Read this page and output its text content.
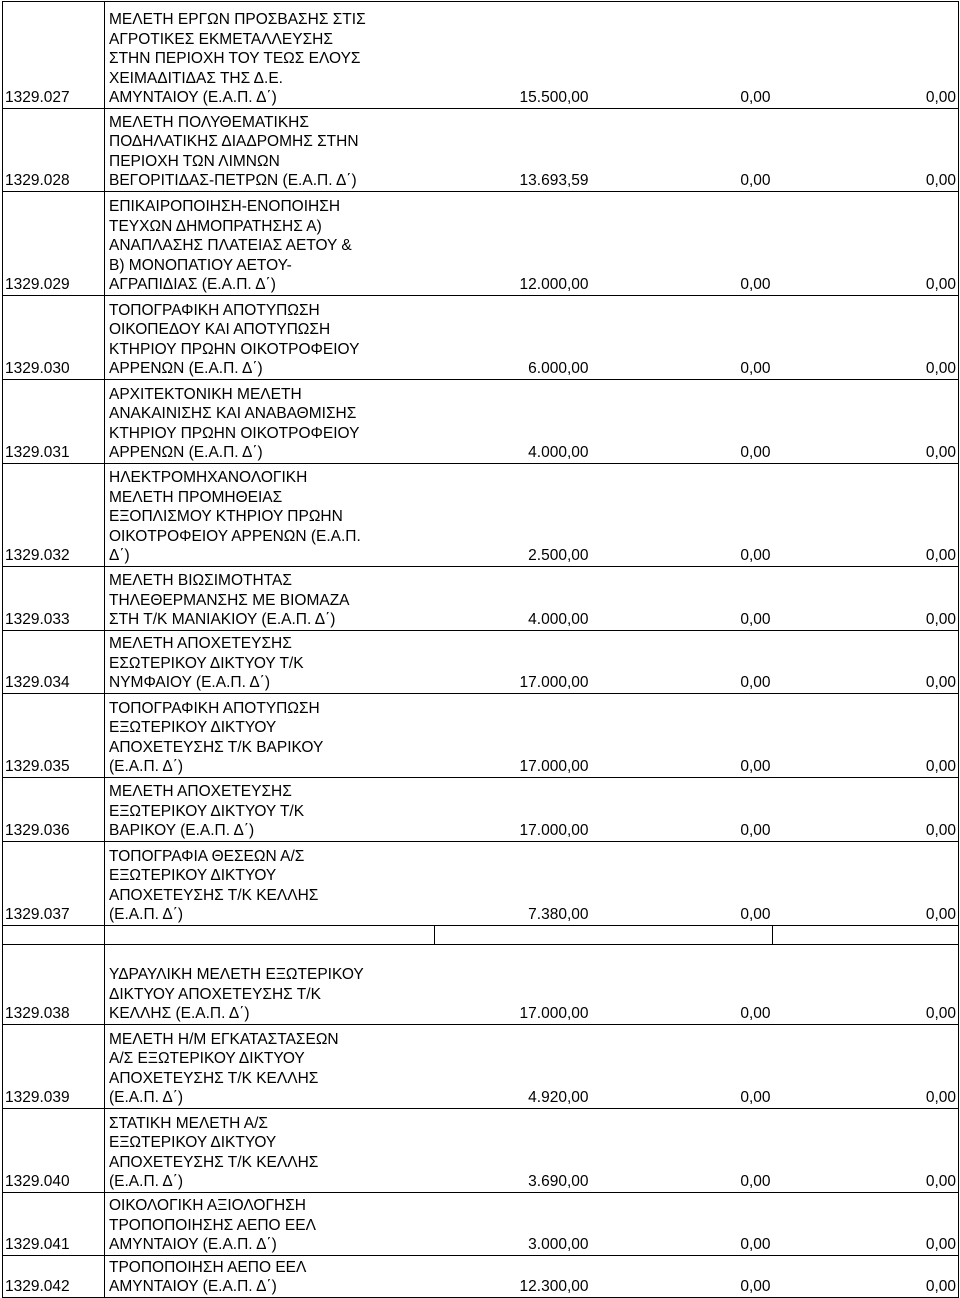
1329.027	ΜΕΛΕΤΗ ΕΡΓΩΝ ΠΡΟΣΒΑΣΗΣ ΣΤΙΣ
ΑΓΡΟΤΙΚΕΣ ΕΚΜΕΤΑΛΛΕΥΣΗΣ
ΣΤΗΝ ΠΕΡΙΟΧΗ ΤΟΥ ΤΕΩΣ ΕΛΟΥΣ
ΧΕΙΜΑΔΙΤΙΔΑΣ ΤΗΣ Δ.Ε.
ΑΜΥΝΤΑΙΟΥ (Ε.Α.Π. Δ΄)	15.500,00	0,00	0,00
1329.028	ΜΕΛΕΤΗ ΠΟΛΥΘΕΜΑΤΙΚΗΣ
ΠΟΔΗΛΑΤΙΚΗΣ ΔΙΑΔΡΟΜΗΣ ΣΤΗΝ
ΠΕΡΙΟΧΗ ΤΩΝ ΛΙΜΝΩΝ
ΒΕΓΟΡΙΤΙΔΑΣ-ΠΕΤΡΩΝ (Ε.Α.Π. Δ΄)	13.693,59	0,00	0,00
1329.029	ΕΠΙΚΑΙΡΟΠΟΙΗΣΗ-ΕΝΟΠΟΙΗΣΗ
ΤΕΥΧΩΝ ΔΗΜΟΠΡΑΤΗΣΗΣ Α)
ΑΝΑΠΛΑΣΗΣ ΠΛΑΤΕΙΑΣ ΑΕΤΟΥ &
Β) ΜΟΝΟΠΑΤΙΟΥ ΑΕΤΟΥ-
ΑΓΡΑΠΙΔΙΑΣ (Ε.Α.Π. Δ΄)	12.000,00	0,00	0,00
1329.030	ΤΟΠΟΓΡΑΦΙΚΗ ΑΠΟΤΥΠΩΣΗ
ΟΙΚΟΠΕΔΟΥ ΚΑΙ ΑΠΟΤΥΠΩΣΗ
ΚΤΗΡΙΟΥ ΠΡΩΗΝ ΟΙΚΟΤΡΟΦΕΙΟΥ
ΑΡΡΕΝΩΝ (Ε.Α.Π. Δ΄)	6.000,00	0,00	0,00
1329.031	ΑΡΧΙΤΕΚΤΟΝΙΚΗ ΜΕΛΕΤΗ
ΑΝΑΚΑΙΝΙΣΗΣ ΚΑΙ ΑΝΑΒΑΘΜΙΣΗΣ
ΚΤΗΡΙΟΥ ΠΡΩΗΝ ΟΙΚΟΤΡΟΦΕΙΟΥ
ΑΡΡΕΝΩΝ (Ε.Α.Π. Δ΄)	4.000,00	0,00	0,00
1329.032	ΗΛΕΚΤΡΟΜΗΧΑΝΟΛΟΓΙΚΗ
ΜΕΛΕΤΗ ΠΡΟΜΗΘΕΙΑΣ
ΕΞΟΠΛΙΣΜΟΥ ΚΤΗΡΙΟΥ ΠΡΩΗΝ
ΟΙΚΟΤΡΟΦΕΙΟΥ ΑΡΡΕΝΩΝ (Ε.Α.Π.
Δ΄)	2.500,00	0,00	0,00
1329.033	ΜΕΛΕΤΗ ΒΙΩΣΙΜΟΤΗΤΑΣ
ΤΗΛΕΘΕΡΜΑΝΣΗΣ ΜΕ ΒΙΟΜΑΖΑ
ΣΤΗ Τ/Κ ΜΑΝΙΑΚΙΟΥ (Ε.Α.Π. Δ΄)	4.000,00	0,00	0,00
1329.034	ΜΕΛΕΤΗ ΑΠΟΧΕΤΕΥΣΗΣ
ΕΣΩΤΕΡΙΚΟΥ ΔΙΚΤΥΟΥ Τ/Κ
ΝΥΜΦΑΙΟΥ (Ε.Α.Π. Δ΄)	17.000,00	0,00	0,00
1329.035	ΤΟΠΟΓΡΑΦΙΚΗ ΑΠΟΤΥΠΩΣΗ
ΕΞΩΤΕΡΙΚΟΥ ΔΙΚΤΥΟΥ
ΑΠΟΧΕΤΕΥΣΗΣ Τ/Κ ΒΑΡΙΚΟΥ
(Ε.Α.Π. Δ΄)	17.000,00	0,00	0,00
1329.036	ΜΕΛΕΤΗ ΑΠΟΧΕΤΕΥΣΗΣ
ΕΞΩΤΕΡΙΚΟΥ ΔΙΚΤΥΟΥ Τ/Κ
ΒΑΡΙΚΟΥ (Ε.Α.Π. Δ΄)	17.000,00	0,00	0,00
1329.037	ΤΟΠΟΓΡΑΦΙΑ ΘΕΣΕΩΝ Α/Σ
ΕΞΩΤΕΡΙΚΟΥ ΔΙΚΤΥΟΥ
ΑΠΟΧΕΤΕΥΣΗΣ Τ/Κ ΚΕΛΛΗΣ
(Ε.Α.Π. Δ΄)	7.380,00	0,00	0,00

1329.038	ΥΔΡΑΥΛΙΚΗ ΜΕΛΕΤΗ ΕΞΩΤΕΡΙΚΟΥ
ΔΙΚΤΥΟΥ ΑΠΟΧΕΤΕΥΣΗΣ Τ/Κ
ΚΕΛΛΗΣ (Ε.Α.Π. Δ΄)	17.000,00	0,00	0,00
1329.039	ΜΕΛΕΤΗ Η/Μ ΕΓΚΑΤΑΣΤΑΣΕΩΝ
Α/Σ ΕΞΩΤΕΡΙΚΟΥ ΔΙΚΤΥΟΥ
ΑΠΟΧΕΤΕΥΣΗΣ Τ/Κ ΚΕΛΛΗΣ
(Ε.Α.Π. Δ΄)	4.920,00	0,00	0,00
1329.040	ΣΤΑΤΙΚΗ ΜΕΛΕΤΗ Α/Σ
ΕΞΩΤΕΡΙΚΟΥ ΔΙΚΤΥΟΥ
ΑΠΟΧΕΤΕΥΣΗΣ Τ/Κ ΚΕΛΛΗΣ
(Ε.Α.Π. Δ΄)	3.690,00	0,00	0,00
1329.041	ΟΙΚΟΛΟΓΙΚΗ ΑΞΙΟΛΟΓΗΣΗ
ΤΡΟΠΟΠΟΙΗΣΗΣ ΑΕΠΟ ΕΕΛ
ΑΜΥΝΤΑΙΟΥ (Ε.Α.Π. Δ΄)	3.000,00	0,00	0,00
1329.042	ΤΡΟΠΟΠΟΙΗΣΗ ΑΕΠΟ ΕΕΛ
ΑΜΥΝΤΑΙΟΥ (Ε.Α.Π. Δ΄)	12.300,00	0,00	0,00
